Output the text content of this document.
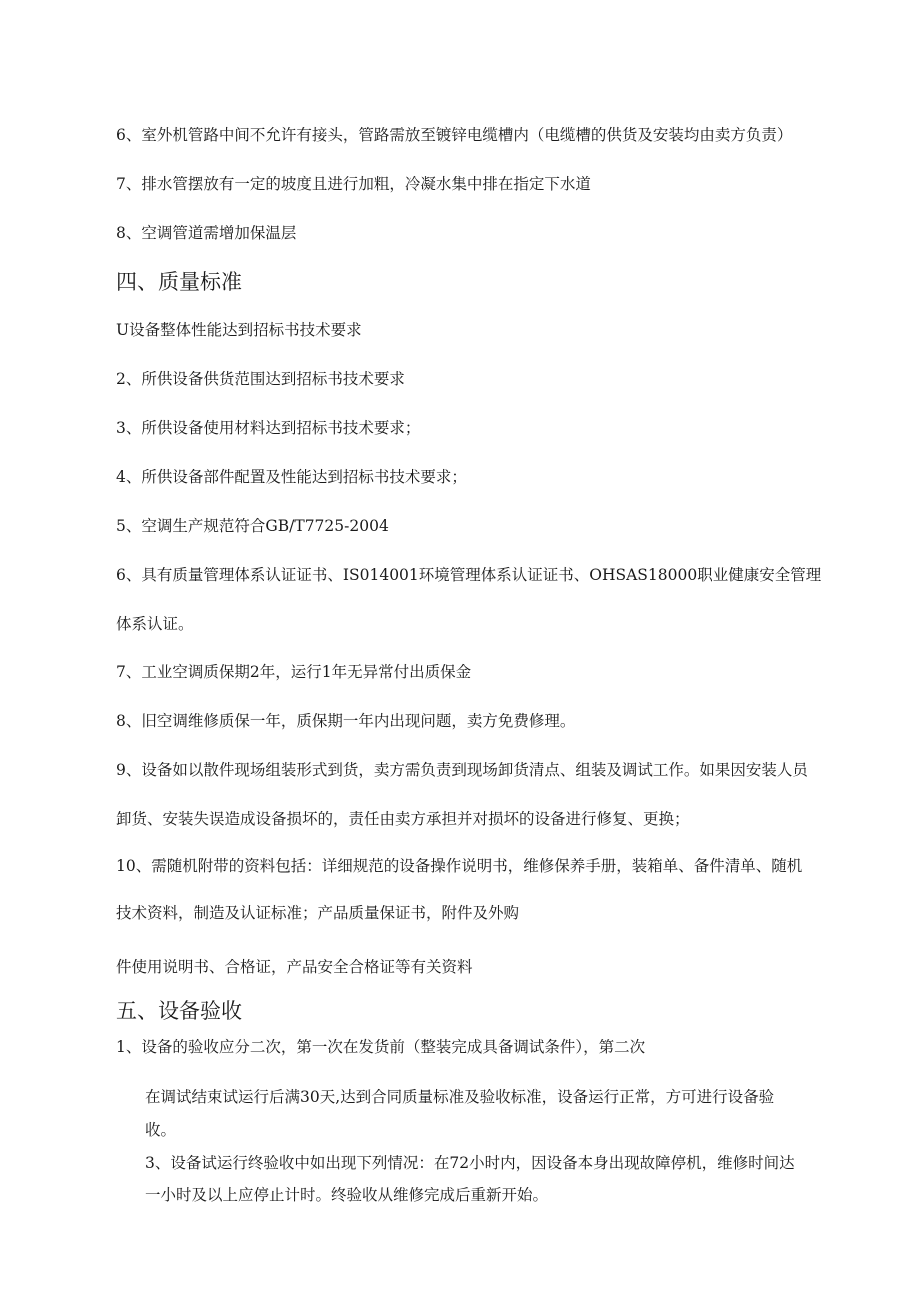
6、室外机管路中间不允许有接头，管路需放至镀锌电缆槽内（电缆槽的供货及安装均由卖方负责）

7、排水管摆放有一定的坡度且进行加粗，冷凝水集中排在指定下水道

8、空调管道需增加保温层

四、质量标准

U设备整体性能达到招标书技术要求

2、所供设备供货范围达到招标书技术要求

3、所供设备使用材料达到招标书技术要求；

4、所供设备部件配置及性能达到招标书技术要求；

5、空调生产规范符合GB/T7725-2004

6、具有质量管理体系认证证书、IS014001环境管理体系认证证书、OHSAS18000职业健康安全管理

体系认证。

7、工业空调质保期2年，运行1年无异常付出质保金

8、旧空调维修质保一年，质保期一年内出现问题，卖方免费修理。

9、设备如以散件现场组装形式到货，卖方需负责到现场卸货清点、组装及调试工作。如果因安装人员

卸货、安装失误造成设备损坏的，责任由卖方承担并对损坏的设备进行修复、更换；

10、需随机附带的资料包括：详细规范的设备操作说明书，维修保养手册，装箱单、备件清单、随机

技术资料，制造及认证标准；产品质量保证书，附件及外购

件使用说明书、合格证，产品安全合格证等有关资料

五、设备验收

1、设备的验收应分二次，第一次在发货前（整装完成具备调试条件），第二次

在调试结束试运行后满30天,达到合同质量标准及验收标准，设备运行正常，方可进行设备验

收。

3、设备试运行终验收中如出现下列情况：在72小时内，因设备本身出现故障停机，维修时间达

一小时及以上应停止计时。终验收从维修完成后重新开始。
